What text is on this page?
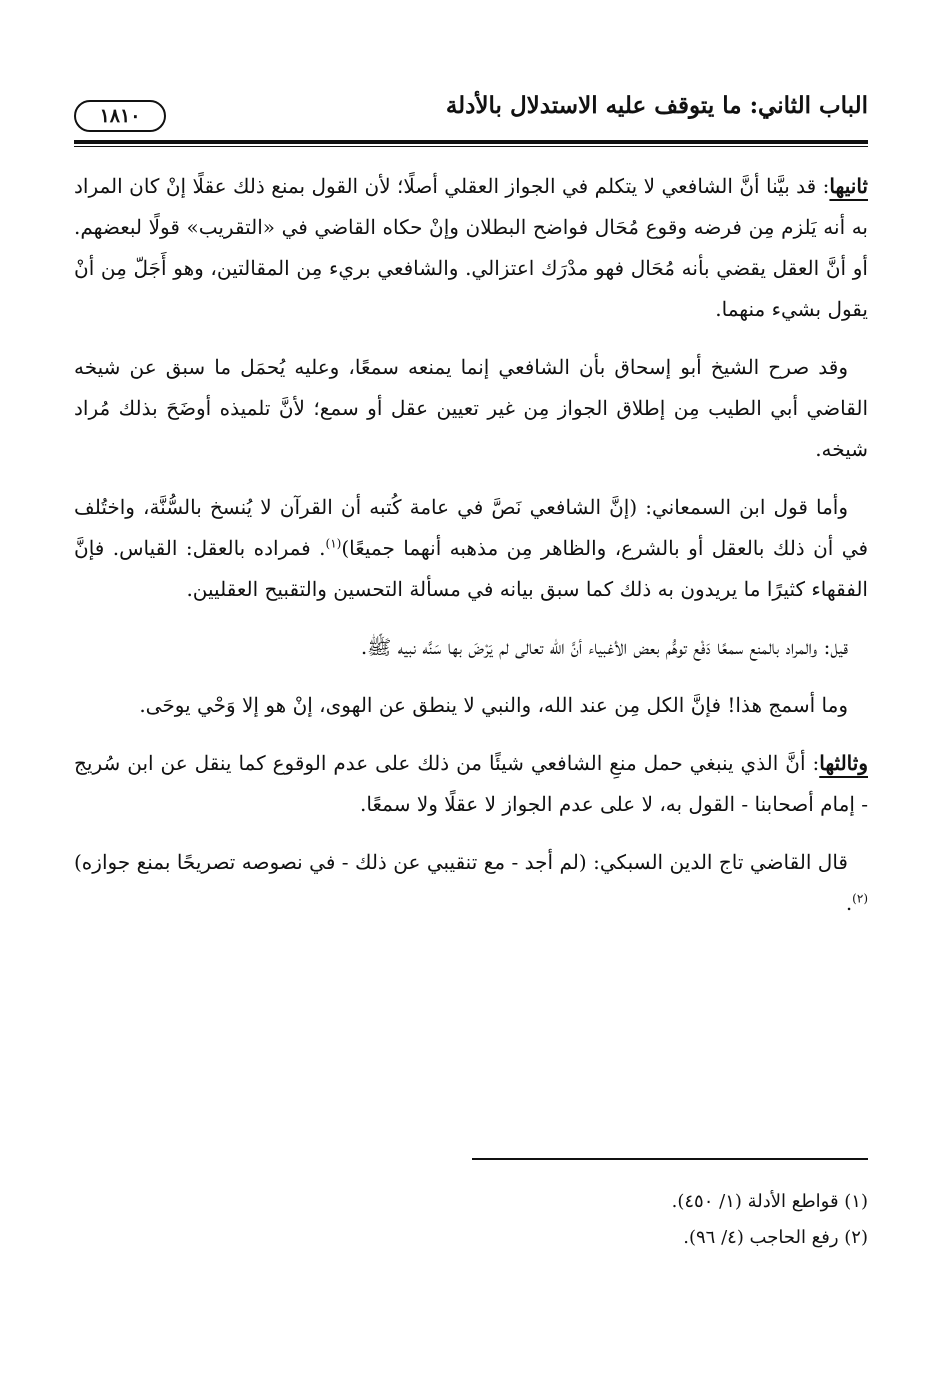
الباب الثاني: ما يتوقف عليه الاستدلال بالأدلة
١٨١٠

ثانيها: قد بيَّنا أنَّ الشافعي لا يتكلم في الجواز العقلي أصلًا؛ لأن القول بمنع ذلك عقلًا إنْ كان المراد به أنه يَلزم مِن فرضه وقوع مُحَال فواضح البطلان وإنْ حكاه القاضي في «التقريب» قولًا لبعضهم. أو أنَّ العقل يقضي بأنه مُحَال فهو مدْرَك اعتزالي. والشافعي بريء مِن المقالتين، وهو أَجَلّ مِن أنْ يقول بشيء منهما.

وقد صرح الشيخ أبو إسحاق بأن الشافعي إنما يمنعه سمعًا، وعليه يُحمَل ما سبق عن شيخه القاضي أبي الطيب مِن إطلاق الجواز مِن غير تعيين عقل أو سمع؛ لأنَّ تلميذه أوضَحَ بذلك مُراد شيخه.

وأما قول ابن السمعاني: (إنَّ الشافعي نَصَّ في عامة كُتبه أن القرآن لا يُنسخ بالسُّنَّة، واختُلف في أن ذلك بالعقل أو بالشرع، والظاهر مِن مذهبه أنهما جميعًا)$^{(١)}$. فمراده بالعقل: القياس. فإنَّ الفقهاء كثيرًا ما يريدون به ذلك كما سبق بيانه في مسألة التحسين والتقبيح العقليين.

قيل: والمراد بالمنع سمعًا دَفْع توهُّم بعض الأغبياء أنَّ الله تعالى لم يَرْضَ بها سَنَّه نبيه ﷺ.

وما أسمج هذا! فإنَّ الكل مِن عند الله، والنبي لا ينطق عن الهوى، إنْ هو إلا وَحْي يوحَى.

وثالثها: أنَّ الذي ينبغي حمل منعِ الشافعي شيئًا من ذلك على عدم الوقوع كما ينقل عن ابن سُريج - إمام أصحابنا - القول به، لا على عدم الجواز لا عقلًا ولا سمعًا.

قال القاضي تاج الدين السبكي: (لم أجد - مع تنقيبي عن ذلك - في نصوصه تصريحًا بمنع جوازه)$^{(٢)}$.

(١) قواطع الأدلة (١/ ٤٥٠).
(٢) رفع الحاجب (٤/ ٩٦).
